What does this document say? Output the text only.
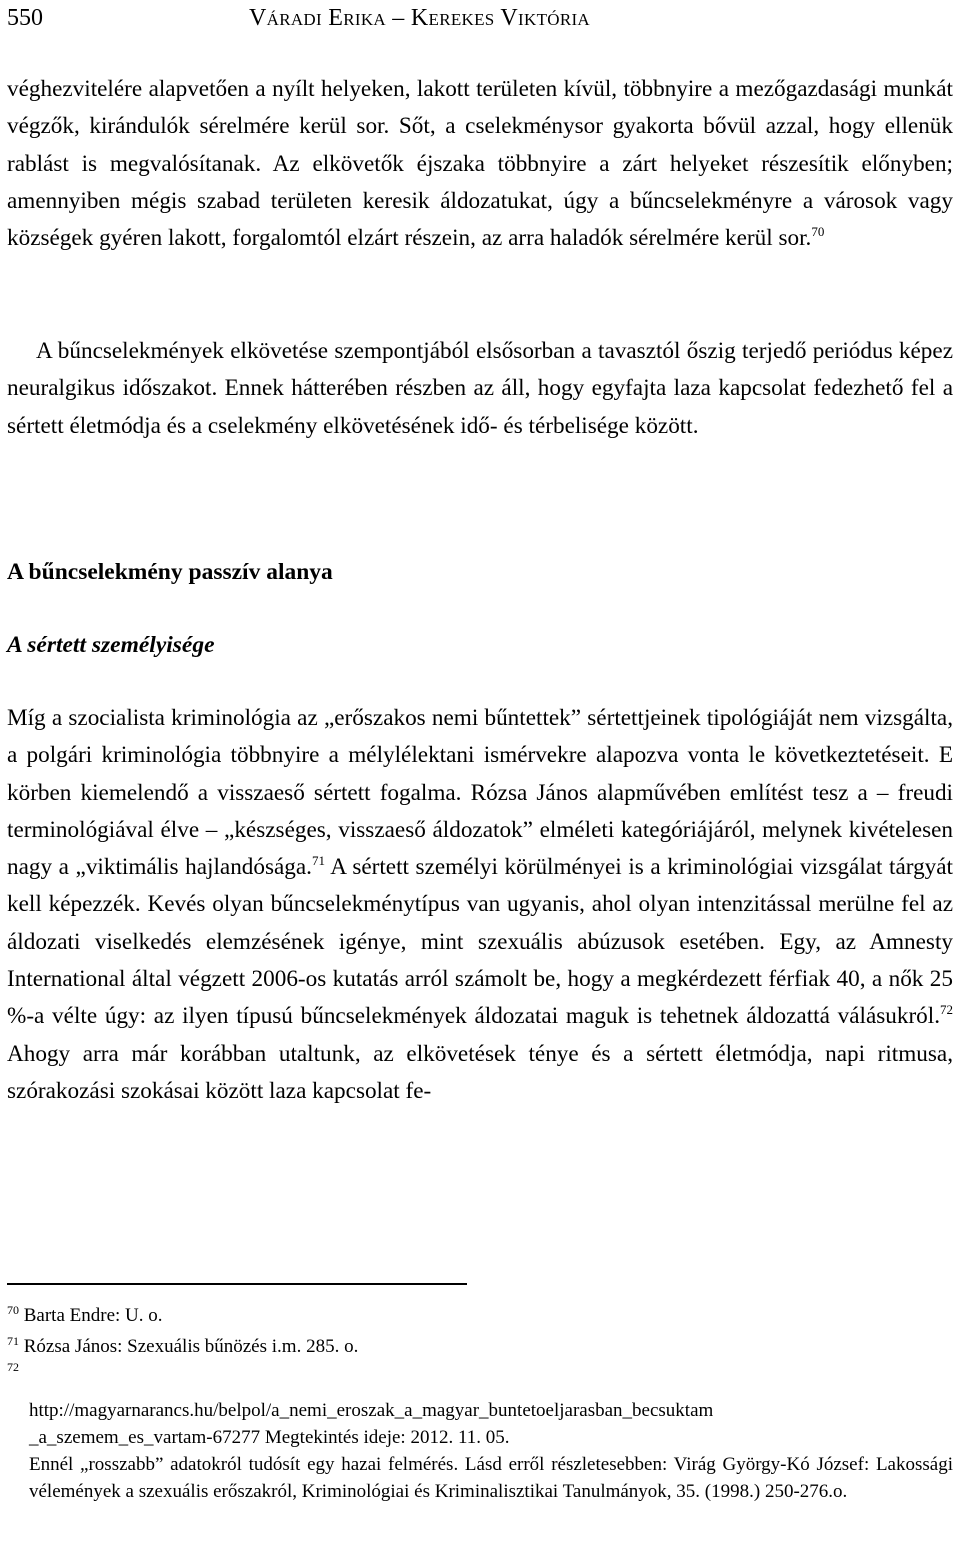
550	Váradi Erika – Kerekes Viktória
véghezvitelére alapvetően a nyílt helyeken, lakott területen kívül, többnyire a mezőgazdasági munkát végzők, kirándulók sérelmére kerül sor. Sőt, a cselekménysor gyakorta bővül azzal, hogy ellenük rablást is megvalósítanak. Az elkövetők éjszaka többnyire a zárt helyeket részesítik előnyben; amennyiben mégis szabad területen keresik áldozatukat, úgy a bűncselekményre a városok vagy községek gyéren lakott, forgalomtól elzárt részein, az arra haladók sérelmére kerül sor.$^{70}$
A bűncselekmények elkövetése szempontjából elsősorban a tavasztól őszig terjedő periódus képez neuralgikus időszakot. Ennek hátterében részben az áll, hogy egyfajta laza kapcsolat fedezhető fel a sértett életmódja és a cselekmény elkövetésének idő- és térbelisége között.
A bűncselekmény passzív alanya
A sértett személyisége
Míg a szocialista kriminológia az „erőszakos nemi bűntettek” sértettjeinek tipológiáját nem vizsgálta, a polgári kriminológia többnyire a mélylélektani ismérvekre alapozva vonta le következtetéseit. E körben kiemelendő a visszaeső sértett fogalma. Rózsa János alapművében említést tesz a – freudi terminológiával élve – „készséges, visszaeső áldozatok” elméleti kategóriájáról, melynek kivételesen nagy a „viktimális hajlandósága.$^{71}$ A sértett személyi körülményei is a kriminológiai vizsgálat tárgyát kell képezzék. Kevés olyan bűncselekménytípus van ugyanis, ahol olyan intenzitással merülne fel az áldozati viselkedés elemzésének igénye, mint szexuális abúzusok esetében. Egy, az Amnesty International által végzett 2006-os kutatás arról számolt be, hogy a megkérdezett férfiak 40, a nők 25 %-a vélte úgy: az ilyen típusú bűncselekmények áldozatai maguk is tehetnek áldozattá válásukról.$^{72}$ Ahogy arra már korábban utaltunk, az elkövetések ténye és a sértett életmódja, napi ritmusa, szórakozási szokásai között laza kapcsolat fe-
$^{70}$ Barta Endre: U. o.
$^{71}$ Rózsa János: Szexuális bűnözés i.m. 285. o.
$^{72}$
http://magyarnarancs.hu/belpol/a_nemi_eroszak_a_magyar_buntetoeljarasban_becsuktam
_a_szemem_es_vartam-67277 Megtekintés ideje: 2012. 11. 05.
Ennél „rosszabb” adatokról tudósít egy hazai felmérés. Lásd erről részletesebben: Virág György-Kó József: Lakossági vélemények a szexuális erőszakról, Kriminológiai és Kriminalisztikai Tanulmányok, 35. (1998.) 250-276.o.
